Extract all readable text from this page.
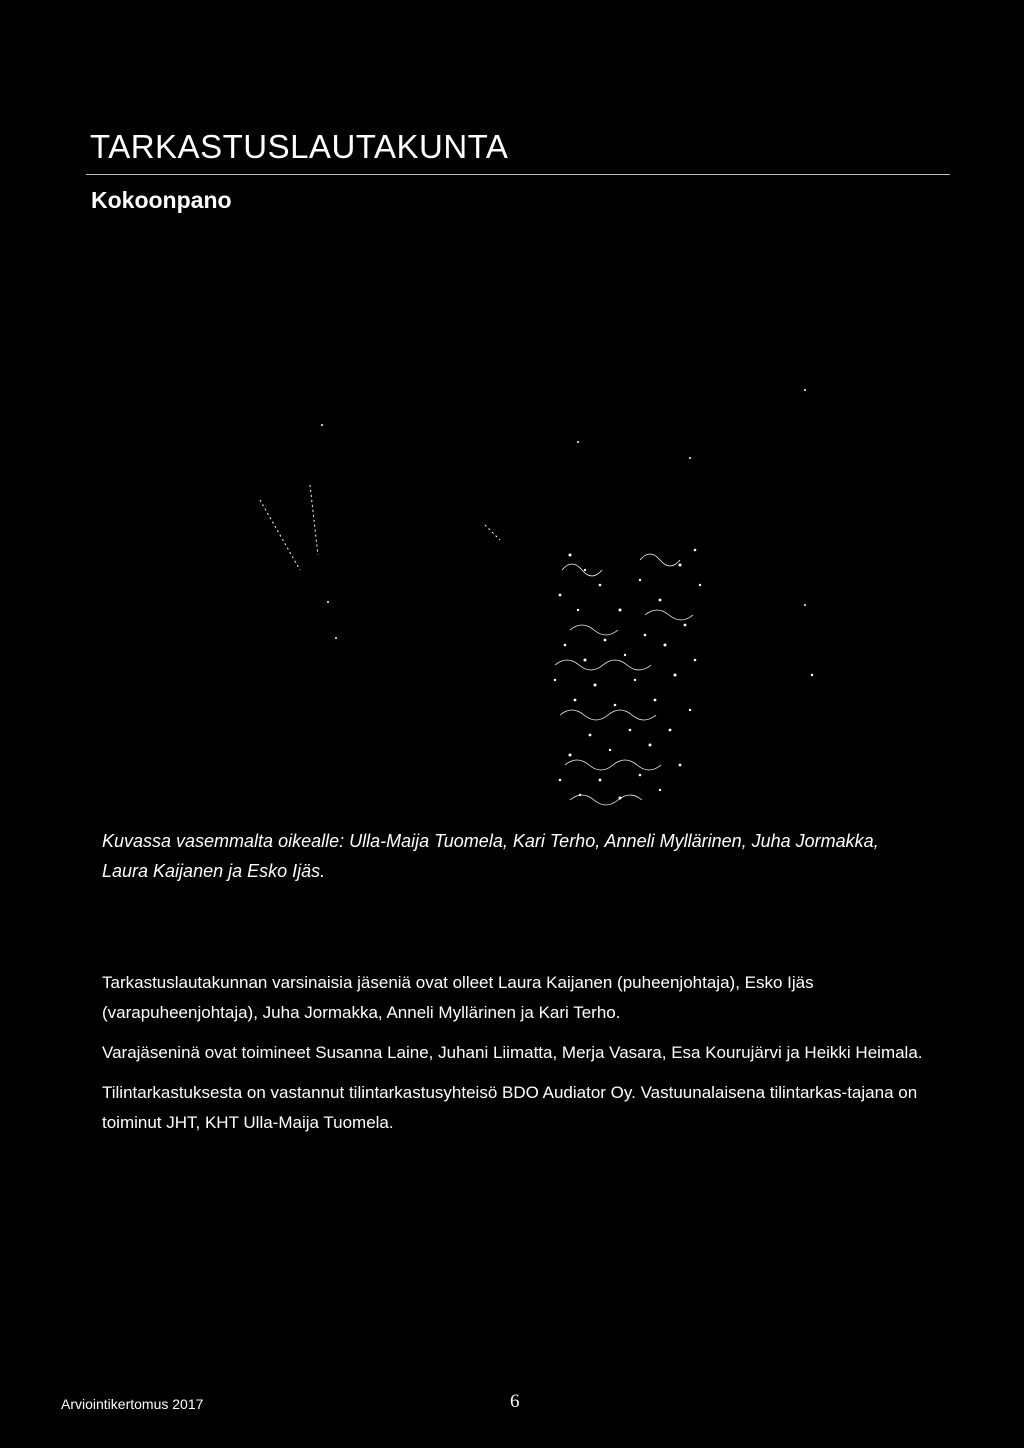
TARKASTUSLAUTAKUNTA
Kokoonpano

Kuvassa vasemmalta oikealle: Ulla-Maija Tuomela, Kari Terho, Anneli Myllärinen, Juha Jormakka,
Laura Kaijanen ja Esko Ijäs.

Tarkastuslautakunnan varsinaisia jäseniä ovat olleet Laura Kaijanen (puheenjohtaja), Esko Ijäs (varapuheenjohtaja), Juha Jormakka, Anneli Myllärinen ja Kari Terho.

Varajäseninä ovat toimineet Susanna Laine, Juhani Liimatta, Merja Vasara, Esa Kourujärvi ja Heikki Heimala.

Tilintarkastuksesta on vastannut tilintarkastusyhteisö BDO Audiator Oy. Vastuunalaisena tilintarkas-tajana on toiminut JHT, KHT Ulla-Maija Tuomela.

Arviointikertomus 2017	6
